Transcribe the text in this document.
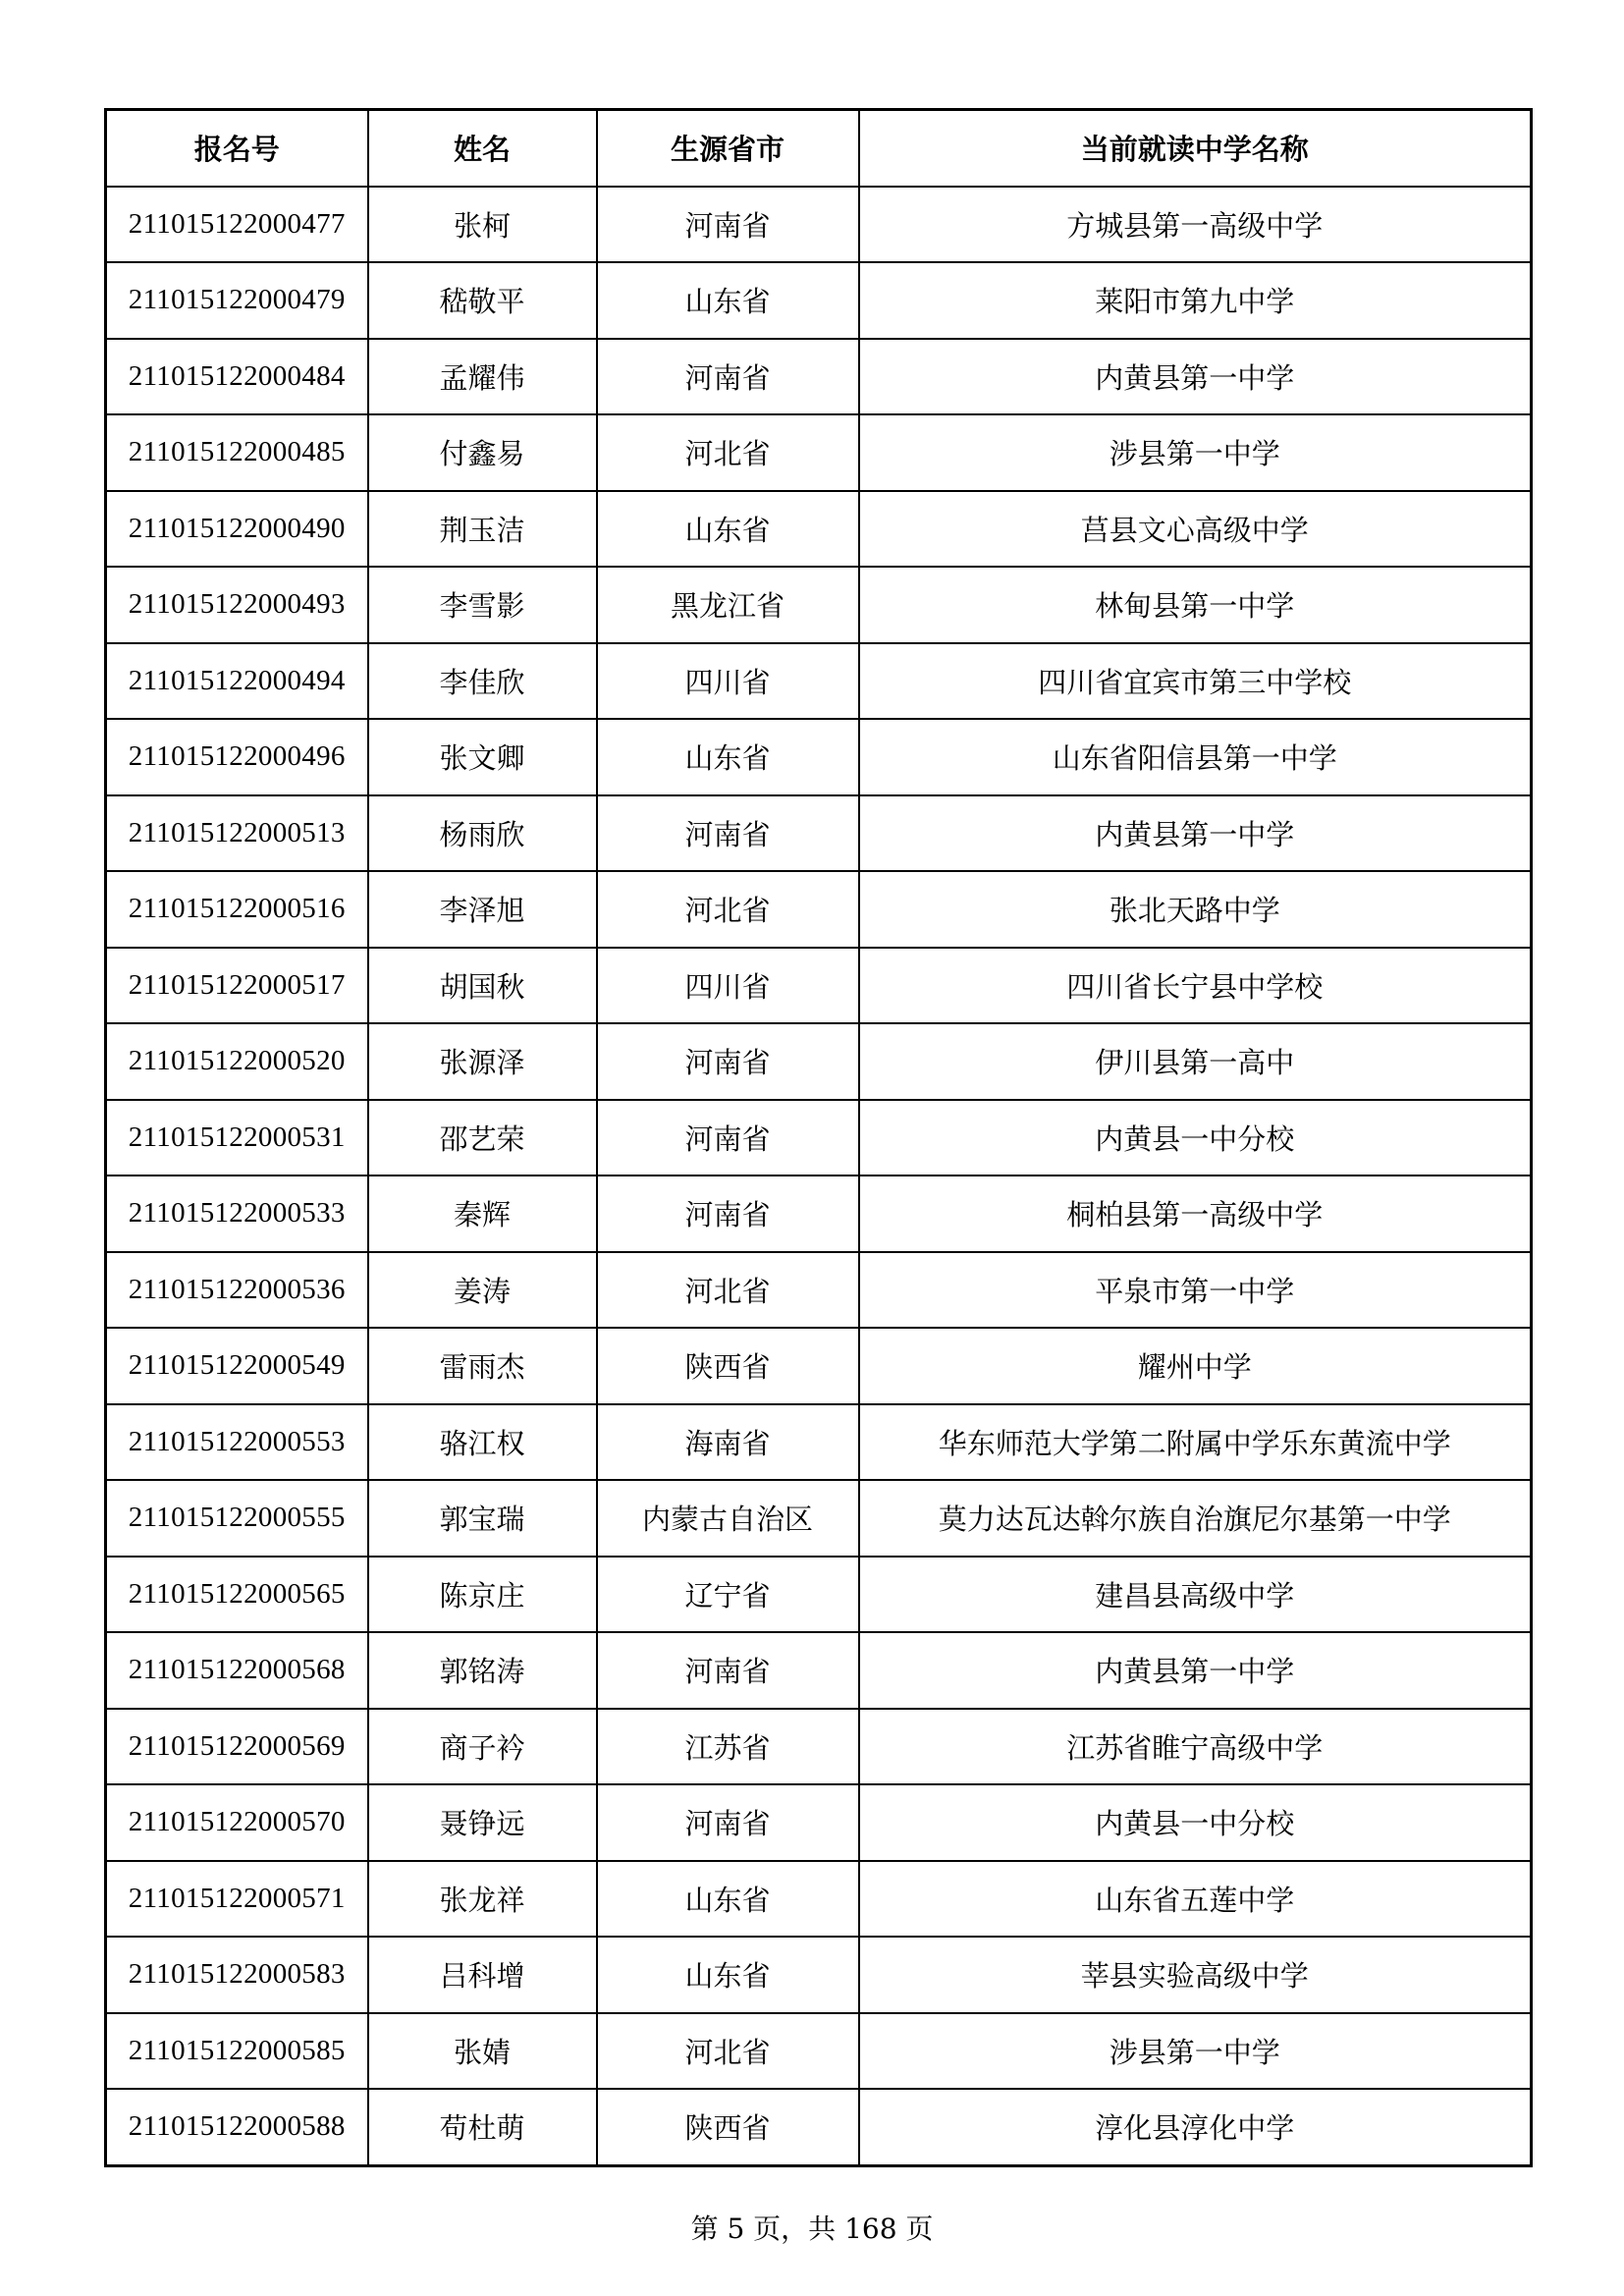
报名号	姓名	生源省市	当前就读中学名称
211015122000477	张柯	河南省	方城县第一高级中学
211015122000479	嵇敬平	山东省	莱阳市第九中学
211015122000484	孟耀伟	河南省	内黄县第一中学
211015122000485	付鑫易	河北省	涉县第一中学
211015122000490	荆玉洁	山东省	莒县文心高级中学
211015122000493	李雪影	黑龙江省	林甸县第一中学
211015122000494	李佳欣	四川省	四川省宜宾市第三中学校
211015122000496	张文卿	山东省	山东省阳信县第一中学
211015122000513	杨雨欣	河南省	内黄县第一中学
211015122000516	李泽旭	河北省	张北天路中学
211015122000517	胡国秋	四川省	四川省长宁县中学校
211015122000520	张源泽	河南省	伊川县第一高中
211015122000531	邵艺荣	河南省	内黄县一中分校
211015122000533	秦辉	河南省	桐柏县第一高级中学
211015122000536	姜涛	河北省	平泉市第一中学
211015122000549	雷雨杰	陕西省	耀州中学
211015122000553	骆江权	海南省	华东师范大学第二附属中学乐东黄流中学
211015122000555	郭宝瑞	内蒙古自治区	莫力达瓦达斡尔族自治旗尼尔基第一中学
211015122000565	陈京庄	辽宁省	建昌县高级中学
211015122000568	郭铭涛	河南省	内黄县第一中学
211015122000569	商子衿	江苏省	江苏省睢宁高级中学
211015122000570	聂铮远	河南省	内黄县一中分校
211015122000571	张龙祥	山东省	山东省五莲中学
211015122000583	吕科增	山东省	莘县实验高级中学
211015122000585	张婧	河北省	涉县第一中学
211015122000588	苟杜萌	陕西省	淳化县淳化中学
第 5 页，共 168 页
